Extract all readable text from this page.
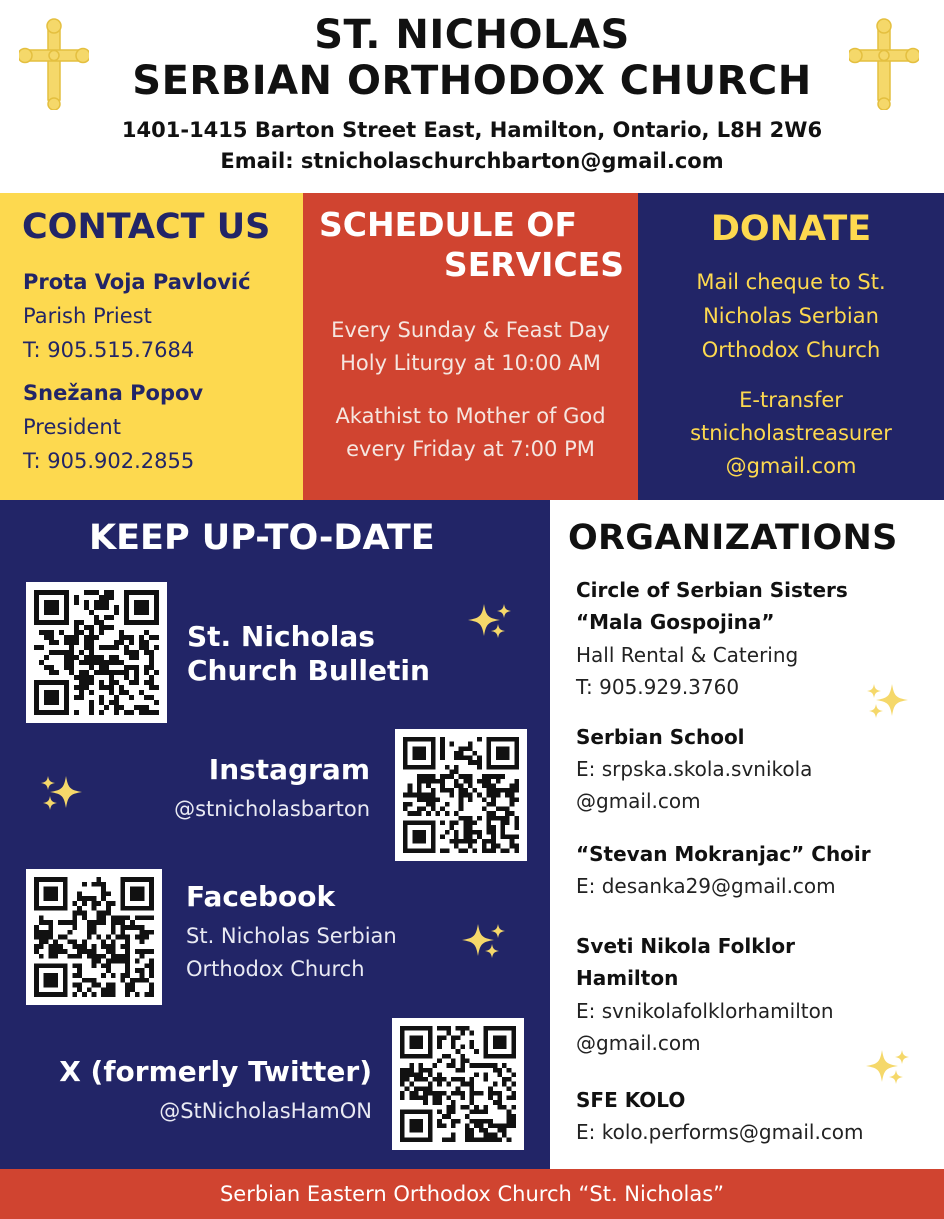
ST. NICHOLAS
SERBIAN ORTHODOX CHURCH
1401-1415 Barton Street East, Hamilton, Ontario, L8H 2W6
Email: stnicholaschurchbarton@gmail.com
CONTACT US
Prota Voja Pavlović
Parish Priest
T: 905.515.7684
Snežana Popov
President
T: 905.902.2855
SCHEDULE OF
SERVICES
Every Sunday & Feast Day
Holy Liturgy at 10:00 AM
Akathist to Mother of God
every Friday at 7:00 PM
DONATE
Mail cheque to St.
Nicholas Serbian
Orthodox Church
E-transfer
stnicholastreasurer
@gmail.com
KEEP UP-TO-DATE
St. Nicholas
Church Bulletin
Instagram
@stnicholasbarton
Facebook
St. Nicholas Serbian
Orthodox Church
X (formerly Twitter)
@StNicholasHamON
ORGANIZATIONS
Circle of Serbian Sisters
“Mala Gospojina”
Hall Rental & Catering
T: 905.929.3760
Serbian School
E: srpska.skola.svnikola
@gmail.com
“Stevan Mokranjac” Choir
E: desanka29@gmail.com
Sveti Nikola Folklor
Hamilton
E: svnikolafolklorhamilton
@gmail.com
SFE KOLO
E: kolo.performs@gmail.com
Serbian Eastern Orthodox Church “St. Nicholas”
